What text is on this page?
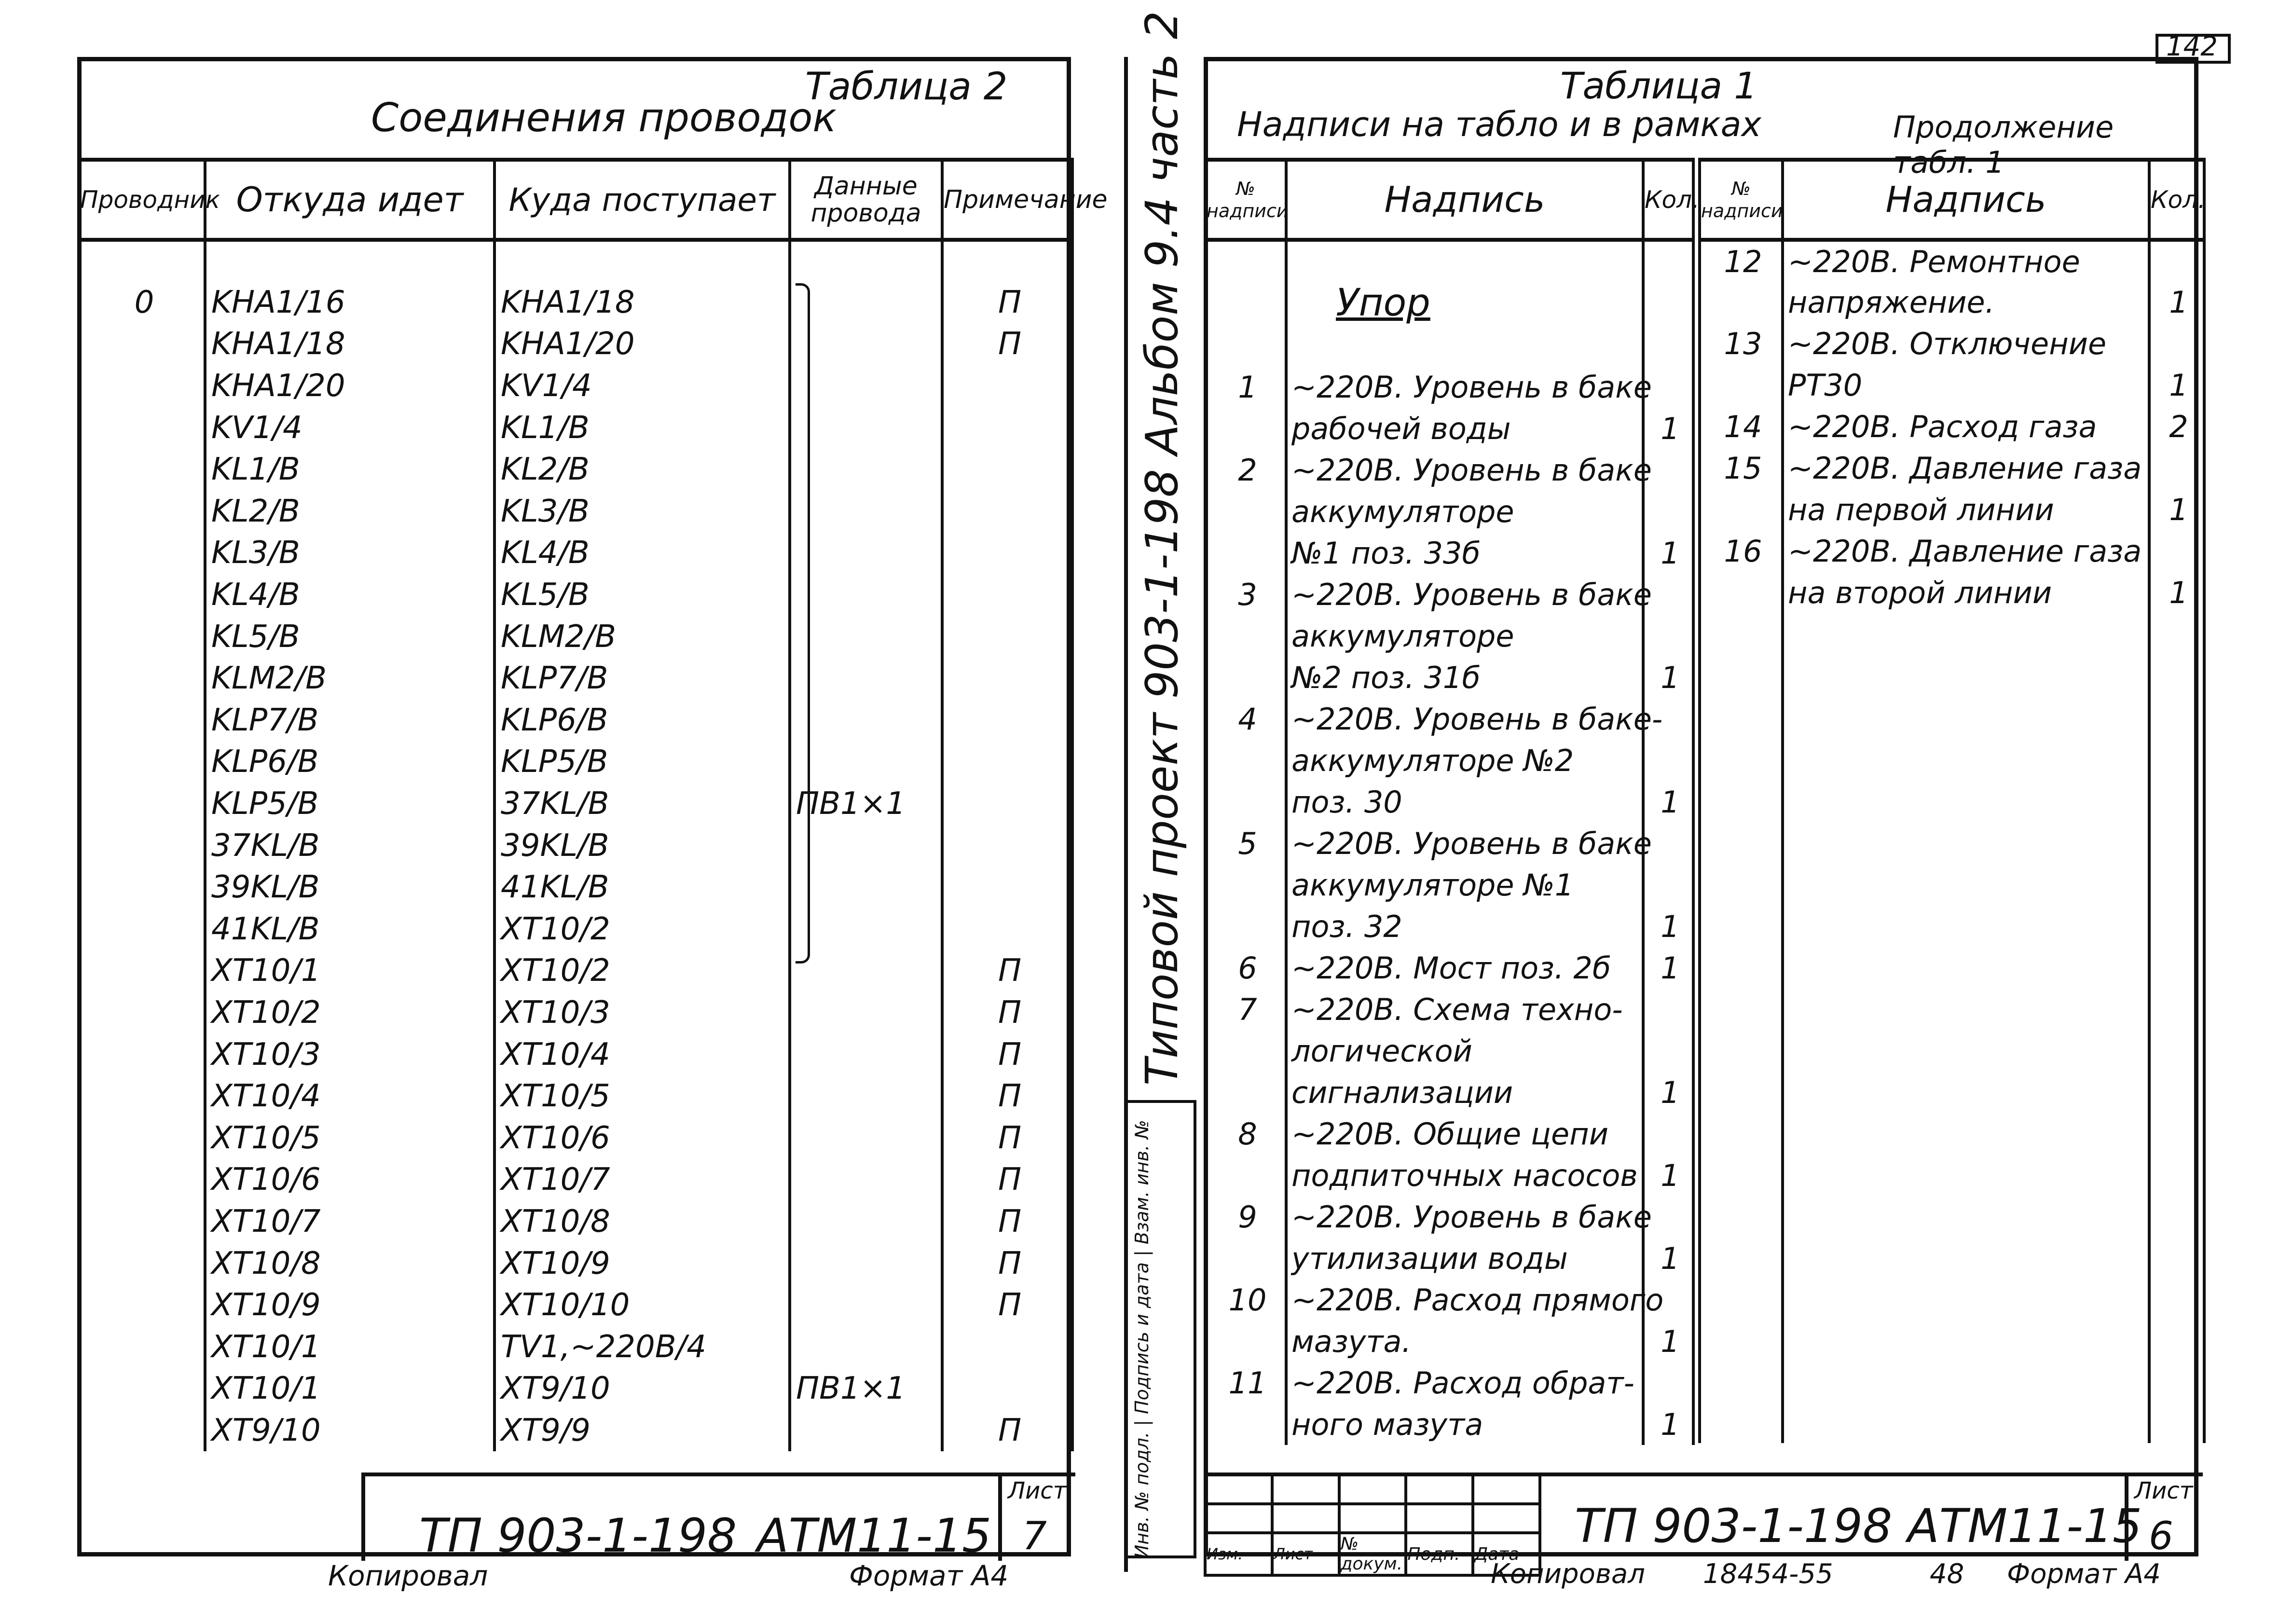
Таблица 2
Соединения проводок
Проводник	Откуда идет	Куда поступает	Данные провода	Примечание

0	KHA1/16	KHA1/18		П
	KHA1/18	KHA1/20		П
	KHA1/20	KV1/4		
	KV1/4	KL1/B		
	KL1/B	KL2/B		
	KL2/B	KL3/B		
	KL3/B	KL4/B		
	KL4/B	KL5/B		
	KL5/B	KLM2/B		
	KLM2/B	KLP7/B		
	KLP7/B	KLP6/B		
	KLP6/B	KLP5/B		
	KLP5/B	37KL/B	ПВ1×1	
	37KL/B	39KL/B		
	39KL/B	41KL/B		
	41KL/B	XT10/2		
	XT10/1	XT10/2		П
	XT10/2	XT10/3		П
	XT10/3	XT10/4		П
	XT10/4	XT10/5		П
	XT10/5	XT10/6		П
	XT10/6	XT10/7		П
	XT10/7	XT10/8		П
	XT10/8	XT10/9		П
	XT10/9	XT10/10		П
	XT10/1	TV1,~220B/4		
	XT10/1	XT9/10	ПВ1×1	
	XT9/10	XT9/9		П
ТП 903-1-198 АТМ11-15
Лист
7
Копировал	Формат А4
142
Типовой проект 903-1-198 Альбом 9.4 часть 2
Инв. № подл. | Подпись и дата | Взам. инв. №
Таблица 1
Надписи на табло и в рамках	Продолжение табл. 1
№ надписи	Надпись	Кол.

	Упор	

1	~220В. Уровень в баке	
	рабочей воды	1
2	~220В. Уровень в баке	
	аккумуляторе	
	№1 поз. 33б	1
3	~220В. Уровень в баке	
	аккумуляторе	
	№2 поз. 31б	1
4	~220В. Уровень в баке-	
	аккумуляторе №2	
	поз. 30	1
5	~220В. Уровень в баке	
	аккумуляторе №1	
	поз. 32	1
6	~220В. Мост поз. 2б	1
7	~220В. Схема техно-	
	логической	
	сигнализации	1
8	~220В. Общие цепи	
	подпиточных насосов	1
9	~220В. Уровень в баке	
	утилизации воды	1
10	~220В. Расход прямого	
	мазута.	1
11	~220В. Расход обрат-	
	ного мазута	1
№ надписи	Надпись	Кол.
12	~220В. Ремонтное	
	напряжение.	1
13	~220В. Отключение	
	РТ30	1
14	~220В. Расход газа	2
15	~220В. Давление газа	
	на первой линии	1
16	~220В. Давление газа	
	на второй линии	1

Изм.	Лист	№ докум.	Подп.	Дата
ТП 903-1-198 АТМ11-15
Лист
6
Копировал 18454-55	48 Формат А4
